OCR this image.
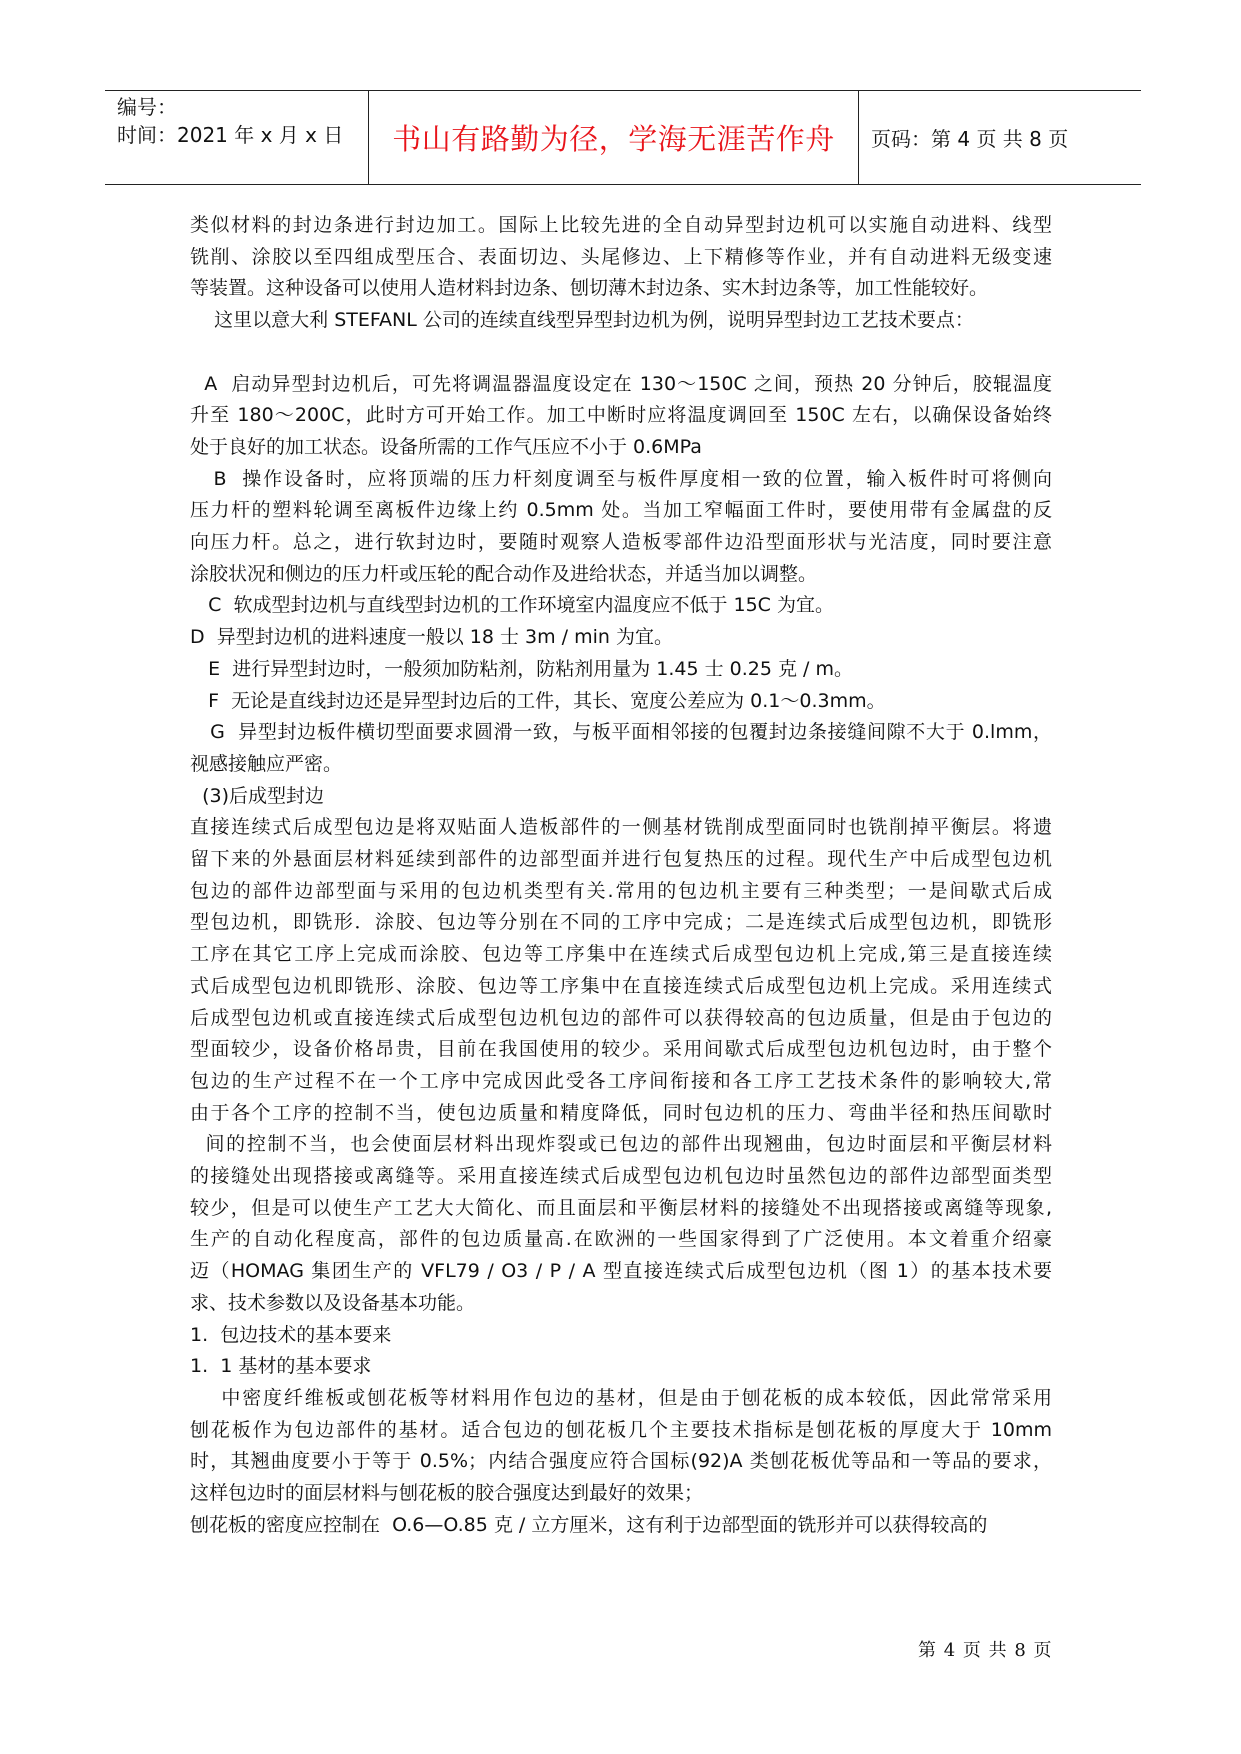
编号：
时间：2021 年 x 月 x 日	书山有路勤为径，学海无涯苦作舟 页码：第 4 页 共 8 页
类似材料的封边条进行封边加工。国际上比较先进的全自动异型封边机可以实施自动进料、线型
铣削、涂胶以至四组成型压合、表面切边、头尾修边、上下精修等作业，并有自动进料无级变速
等装置。这种设备可以使用人造材料封边条、刨切薄木封边条、实木封边条等，加工性能较好。
这里以意大利 STEFANL 公司的连续直线型异型封边机为例，说明异型封边工艺技术要点：
A  启动异型封边机后，可先将调温器温度设定在 130～150C 之间，预热 20 分钟后，胶辊温度
升至 180～200C，此时方可开始工作。加工中断时应将温度调回至 150C 左右，以确保设备始终
处于良好的加工状态。设备所需的工作气压应不小于 0.6MPa
B  操作设备时，应将顶端的压力杆刻度调至与板件厚度相一致的位置，输入板件时可将侧向
压力杆的塑料轮调至离板件边缘上约 0.5mm 处。当加工窄幅面工件时，要使用带有金属盘的反
向压力杆。总之，进行软封边时，要随时观察人造板零部件边沿型面形状与光洁度，同时要注意
涂胶状况和侧边的压力杆或压轮的配合动作及进给状态，并适当加以调整。
C  软成型封边机与直线型封边机的工作环境室内温度应不低于 15C 为宜。
D  异型封边机的进料速度一般以 18 士 3m / min 为宜。
E  进行异型封边时，一般须加防粘剂，防粘剂用量为 1.45 士 0.25 克 / m。
F  无论是直线封边还是异型封边后的工件，其长、宽度公差应为 0.1～0.3mm。
G  异型封边板件横切型面要求圆滑一致，与板平面相邻接的包覆封边条接缝间隙不大于 0.lmm，
视感接触应严密。
(3)后成型封边
直接连续式后成型包边是将双贴面人造板部件的一侧基材铣削成型面同时也铣削掉平衡层。将遗
留下来的外悬面层材料延续到部件的边部型面并进行包复热压的过程。现代生产中后成型包边机
包边的部件边部型面与采用的包边机类型有关.常用的包边机主要有三种类型；一是间歇式后成
型包边机，即铣形．涂胶、包边等分别在不同的工序中完成；二是连续式后成型包边机，即铣形
工序在其它工序上完成而涂胶、包边等工序集中在连续式后成型包边机上完成,第三是直接连续
式后成型包边机即铣形、涂胶、包边等工序集中在直接连续式后成型包边机上完成。采用连续式
后成型包边机或直接连续式后成型包边机包边的部件可以获得较高的包边质量，但是由于包边的
型面较少，设备价格昂贵，目前在我国使用的较少。采用间歇式后成型包边机包边时，由于整个
包边的生产过程不在一个工序中完成因此受各工序间衔接和各工序工艺技术条件的影响较大,常
由于各个工序的控制不当，使包边质量和精度降低，同时包边机的压力、弯曲半径和热压间歇时
间的控制不当，也会使面层材料出现炸裂或已包边的部件出现翘曲，包边时面层和平衡层材料
的接缝处出现搭接或离缝等。采用直接连续式后成型包边机包边时虽然包边的部件边部型面类型
较少，但是可以使生产工艺大大简化、而且面层和平衡层材料的接缝处不出现搭接或离缝等现象,
生产的自动化程度高，部件的包边质量高.在欧洲的一些国家得到了广泛使用。本文着重介绍豪
迈（HOMAG 集团生产的 VFL79 / O3 / P / A 型直接连续式后成型包边机（图 1）的基本技术要
求、技术参数以及设备基本功能。
1.  包边技术的基本要来
1.  1 基材的基本要求
中密度纤维板或刨花板等材料用作包边的基材，但是由于刨花板的成本较低，因此常常采用
刨花板作为包边部件的基材。适合包边的刨花板几个主要技术指标是刨花板的厚度大于 10mm
时，其翘曲度要小于等于 0.5%；内结合强度应符合国标(92)A 类刨花板优等品和一等品的要求，
这样包边时的面层材料与刨花板的胶合强度达到最好的效果；
刨花板的密度应控制在  O.6—O.85 克 / 立方厘米，这有利于边部型面的铣形并可以获得较高的
第 4 页 共 8 页
